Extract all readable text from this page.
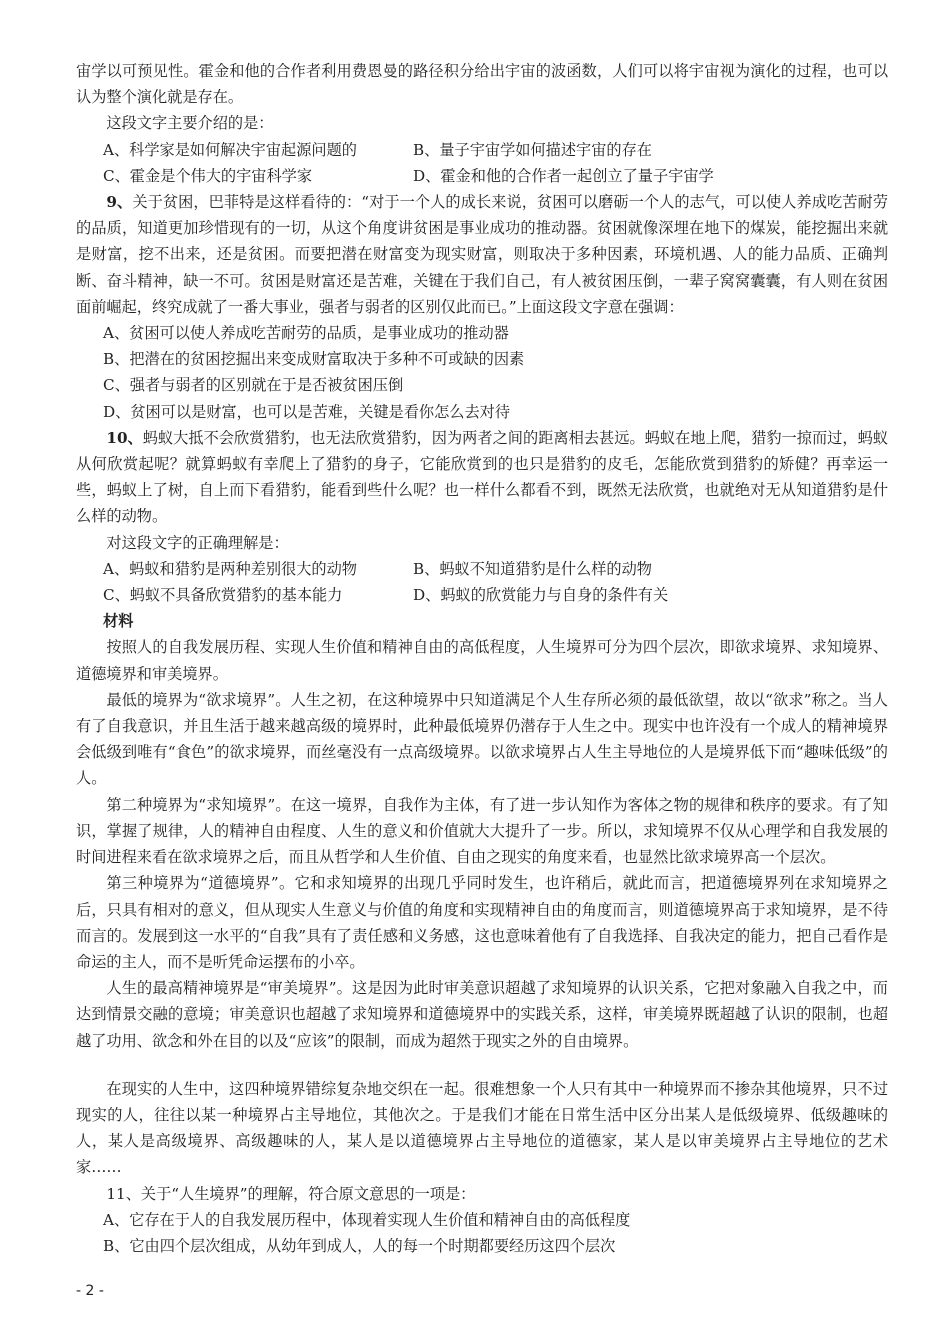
宙学以可预见性。霍金和他的合作者利用费恩曼的路径积分给出宇宙的波函数，人们可以将宇宙视为演化的过程，也可以认为整个演化就是存在。

这段文字主要介绍的是：

A、科学家是如何解决宇宙起源问题的	B、量子宇宙学如何描述宇宙的存在
C、霍金是个伟大的宇宙科学家	D、霍金和他的合作者一起创立了量子宇宙学

9、关于贫困，巴菲特是这样看待的：“对于一个人的成长来说，贫困可以磨砺一个人的志气，可以使人养成吃苦耐劳的品质，知道更加珍惜现有的一切，从这个角度讲贫困是事业成功的推动器。贫困就像深埋在地下的煤炭，能挖掘出来就是财富，挖不出来，还是贫困。而要把潜在财富变为现实财富，则取决于多种因素，环境机遇、人的能力品质、正确判断、奋斗精神，缺一不可。贫困是财富还是苦难，关键在于我们自己，有人被贫困压倒，一辈子窝窝囊囊，有人则在贫困面前崛起，终究成就了一番大事业，强者与弱者的区别仅此而已。”上面这段文字意在强调：

A、贫困可以使人养成吃苦耐劳的品质，是事业成功的推动器

B、把潜在的贫困挖掘出来变成财富取决于多种不可或缺的因素

C、强者与弱者的区别就在于是否被贫困压倒

D、贫困可以是财富，也可以是苦难，关键是看你怎么去对待

10、蚂蚁大抵不会欣赏猎豹，也无法欣赏猎豹，因为两者之间的距离相去甚远。蚂蚁在地上爬，猎豹一掠而过，蚂蚁从何欣赏起呢？就算蚂蚁有幸爬上了猎豹的身子，它能欣赏到的也只是猎豹的皮毛，怎能欣赏到猎豹的矫健？再幸运一些，蚂蚁上了树，自上而下看猎豹，能看到些什么呢？也一样什么都看不到，既然无法欣赏，也就绝对无从知道猎豹是什么样的动物。

对这段文字的正确理解是：

A、蚂蚁和猎豹是两种差别很大的动物	B、蚂蚁不知道猎豹是什么样的动物
C、蚂蚁不具备欣赏猎豹的基本能力	D、蚂蚁的欣赏能力与自身的条件有关

材料

按照人的自我发展历程、实现人生价值和精神自由的高低程度，人生境界可分为四个层次，即欲求境界、求知境界、道德境界和审美境界。

最低的境界为“欲求境界”。人生之初，在这种境界中只知道满足个人生存所必须的最低欲望，故以“欲求”称之。当人有了自我意识，并且生活于越来越高级的境界时，此种最低境界仍潜存于人生之中。现实中也许没有一个成人的精神境界会低级到唯有“食色”的欲求境界，而丝毫没有一点高级境界。以欲求境界占人生主导地位的人是境界低下而“趣味低级”的人。

第二种境界为“求知境界”。在这一境界，自我作为主体，有了进一步认知作为客体之物的规律和秩序的要求。有了知识，掌握了规律，人的精神自由程度、人生的意义和价值就大大提升了一步。所以，求知境界不仅从心理学和自我发展的时间进程来看在欲求境界之后，而且从哲学和人生价值、自由之现实的角度来看，也显然比欲求境界高一个层次。

第三种境界为“道德境界”。它和求知境界的出现几乎同时发生，也许稍后，就此而言，把道德境界列在求知境界之后，只具有相对的意义，但从现实人生意义与价值的角度和实现精神自由的角度而言，则道德境界高于求知境界，是不待而言的。发展到这一水平的“自我”具有了责任感和义务感，这也意味着他有了自我选择、自我决定的能力，把自己看作是命运的主人，而不是听凭命运摆布的小卒。

人生的最高精神境界是“审美境界”。这是因为此时审美意识超越了求知境界的认识关系，它把对象融入自我之中，而达到情景交融的意境；审美意识也超越了求知境界和道德境界中的实践关系，这样，审美境界既超越了认识的限制，也超越了功用、欲念和外在目的以及“应该”的限制，而成为超然于现实之外的自由境界。

在现实的人生中，这四种境界错综复杂地交织在一起。很难想象一个人只有其中一种境界而不掺杂其他境界，只不过现实的人，往往以某一种境界占主导地位，其他次之。于是我们才能在日常生活中区分出某人是低级境界、低级趣味的人，某人是高级境界、高级趣味的人，某人是以道德境界占主导地位的道德家，某人是以审美境界占主导地位的艺术家……

11、关于“人生境界”的理解，符合原文意思的一项是：

A、它存在于人的自我发展历程中，体现着实现人生价值和精神自由的高低程度

B、它由四个层次组成，从幼年到成人，人的每一个时期都要经历这四个层次

- 2 -
